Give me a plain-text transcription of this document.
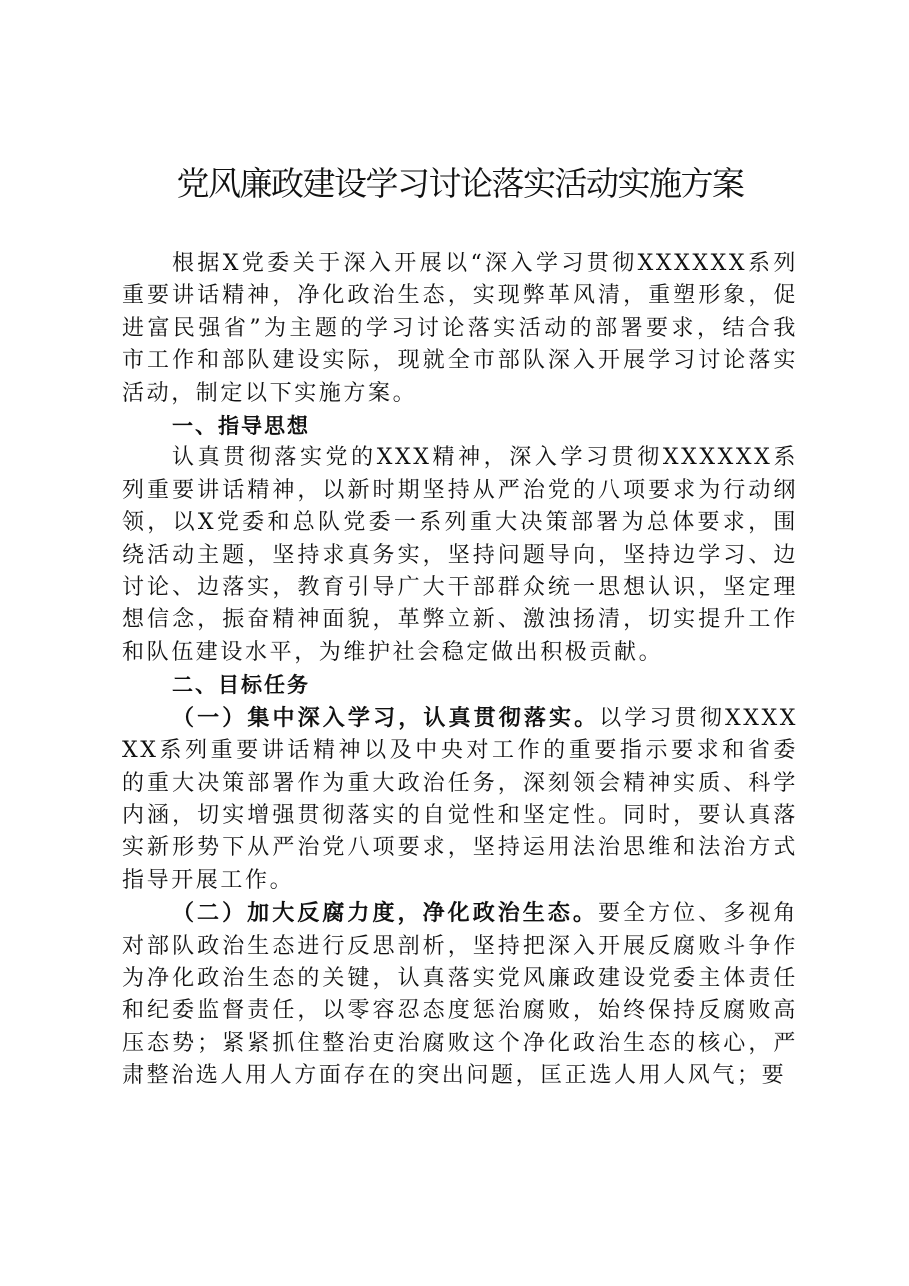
党风廉政建设学习讨论落实活动实施方案

根据X党委关于深入开展以“深入学习贯彻XXXXXX系列重要讲话精神，净化政治生态，实现弊革风清，重塑形象，促进富民强省”为主题的学习讨论落实活动的部署要求，结合我市工作和部队建设实际，现就全市部队深入开展学习讨论落实活动，制定以下实施方案。

一、指导思想

认真贯彻落实党的XXX精神，深入学习贯彻XXXXXX系列重要讲话精神，以新时期坚持从严治党的八项要求为行动纲领，以X党委和总队党委一系列重大决策部署为总体要求，围绕活动主题，坚持求真务实，坚持问题导向，坚持边学习、边讨论、边落实，教育引导广大干部群众统一思想认识，坚定理想信念，振奋精神面貌，革弊立新、激浊扬清，切实提升工作和队伍建设水平，为维护社会稳定做出积极贡献。

二、目标任务

（一）集中深入学习，认真贯彻落实。以学习贯彻XXXXXX系列重要讲话精神以及中央对工作的重要指示要求和省委的重大决策部署作为重大政治任务，深刻领会精神实质、科学内涵，切实增强贯彻落实的自觉性和坚定性。同时，要认真落实新形势下从严治党八项要求，坚持运用法治思维和法治方式指导开展工作。

（二）加大反腐力度，净化政治生态。要全方位、多视角对部队政治生态进行反思剖析，坚持把深入开展反腐败斗争作为净化政治生态的关键，认真落实党风廉政建设党委主体责任和纪委监督责任，以零容忍态度惩治腐败，始终保持反腐败高压态势；紧紧抓住整治吏治腐败这个净化政治生态的核心，严肃整治选人用人方面存在的突出问题，匡正选人用人风气；要
